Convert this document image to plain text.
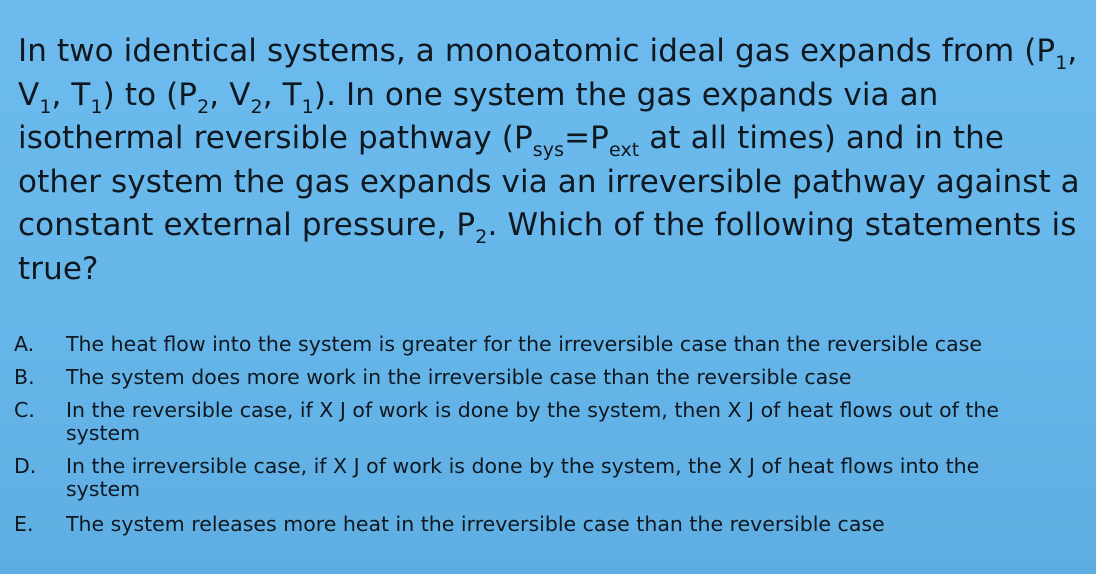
In two identical systems, a monoatomic ideal gas expands from ($P_1$,
$V_1$, $T_1$) to ($P_2$, $V_2$, $T_1$). In one system the gas expands via an
isothermal reversible pathway ($P_{sys}=P_{ext}$ at all times) and in the
other system the gas expands via an irreversible pathway against a
constant external pressure, $P_2$. Which of the following statements is
true?
A.	The heat flow into the system is greater for the irreversible case than the reversible case
B.	The system does more work in the irreversible case than the reversible case
C.	In the reversible case, if X J of work is done by the system, then X J of heat flows out of the
system
D.	In the irreversible case, if X J of work is done by the system, the X J of heat flows into the
system
E.	The system releases more heat in the irreversible case than the reversible case
